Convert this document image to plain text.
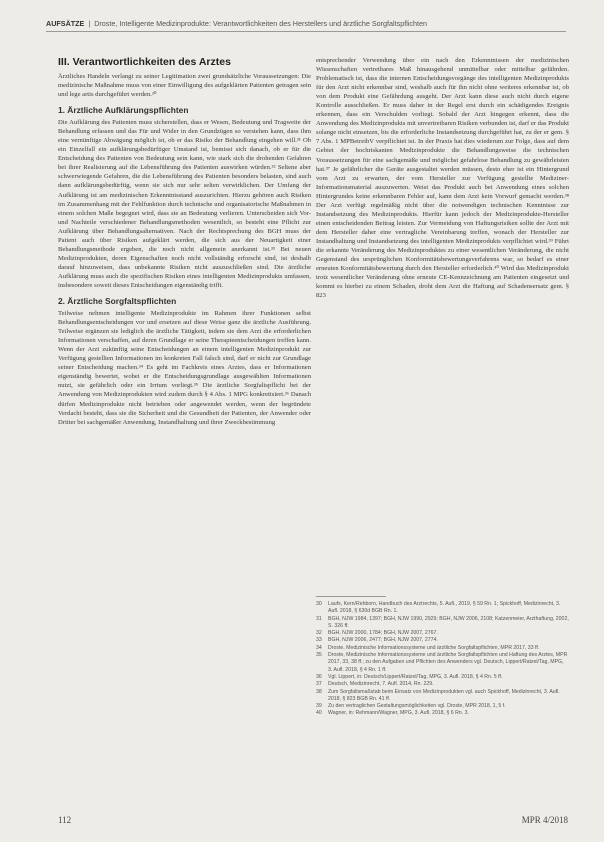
AUFSÄTZE | Droste, Intelligente Medizinprodukte: Verantwortlichkeiten des Herstellers und ärztliche Sorgfaltspflichten
III. Verantwortlichkeiten des Arztes

Ärztliches Handeln verlangt zu seiner Legitimation zwei grundsätzliche Voraussetzungen: Die medizinische Maßnahme muss von einer Einwilligung des aufgeklärten Patienten getragen sein und lege artis durchgeführt werden.³⁰

1. Ärztliche Aufklärungspflichten

Die Aufklärung des Patienten muss sicherstellen, dass er Wesen, Bedeutung und Tragweite der Behandlung erfassen und das Für und Wider in den Grundzügen so verstehen kann, dass ihm eine vernünftige Abwägung möglich ist, ob er das Risiko der Behandlung eingehen will.³¹ Ob ein Einzelfall ein aufklärungsbedürftiger Umstand ist, bemisst sich danach, ob er für die Entscheidung des Patienten von Bedeutung sein kann, wie stark sich die drohenden Gefahren bei ihrer Realisierung auf die Lebensführung des Patienten auswirken würden.³² Seltene aber schwerwiegende Gefahren, die die Lebensführung des Patienten besonders belasten, sind auch dann aufklärungsbedürftig, wenn sie sich nur sehr selten verwirklichen. Der Umfang der Aufklärung ist am medizinischen Erkenntnisstand auszurichten. Hierzu gehören auch Risiken im Zusammenhang mit der Fehlfunktion durch technische und organisatorische Maßnahmen in einem solchen Maße begegnet wird, dass sie an Bedeutung verlieren. Unterscheiden sich Vor- und Nachteile verschiedener Behandlungsmethoden wesentlich, so besteht eine Pflicht zur Aufklärung über Behandlungsalternativen. Nach der Rechtsprechung des BGH muss der Patient auch über Risiken aufgeklärt werden, die sich aus der Neuartigkeit einer Behandlungsmethode ergeben, die noch nicht allgemein anerkannt ist.³³ Bei neuen Medizinprodukten, deren Eigenschaften noch nicht vollständig erforscht sind, ist deshalb darauf hinzuweisen, dass unbekannte Risiken nicht auszuschließen sind. Die ärztliche Aufklärung muss auch die spezifischen Risiken eines intelligenten Medizinprodukts umfassen, insbesondere soweit dieses Entscheidungen eigenständig trifft.

2. Ärztliche Sorgfaltspflichten

Teilweise nehmen intelligente Medizinprodukte im Rahmen ihrer Funktionen selbst Behandlungsentscheidungen vor und ersetzen auf diese Weise ganz die ärztliche Ausführung. Teilweise ergänzen sie lediglich die ärztliche Tätigkeit, indem sie dem Arzt die erforderlichen Informationen verschaffen, auf deren Grundlage er seine Therapieentscheidungen treffen kann. Wenn der Arzt zukünftig seine Entscheidungen an einem intelligenten Medizinprodukt zur Verfügung gestellten Informationen im konkreten Fall falsch sind, darf er nicht zur Grundlage seiner Entscheidung machen.³⁴ Es geht im Fachkreis eines Arztes, dass er Informationen eigenständig bewertet, wobei er die Entscheidungsgrundlage ausgewählten Informationen nutzt, sie gefährlich oder ein Irrtum vorliegt.³⁵ Die ärztliche Sorgfaltspflicht bei der Anwendung von Medizinprodukten wird zudem durch § 4 Abs. 1 MPG konkretisiert.³⁶ Danach dürfen Medizinprodukte nicht betrieben oder angewendet werden, wenn der begründete Verdacht besteht, dass sie die Sicherheit und die Gesundheit der Patienten, der Anwender oder Dritter bei sachgemäßer Anwendung, Instandhaltung und ihrer Zweckbestimmung

entsprechender Verwendung über ein nach den Erkenntnissen der medizinischen Wissenschaften vertretbares Maß hinausgehend unmittelbar oder mittelbar gefährden. Problematisch ist, dass die internen Entscheidungsvorgänge des intelligenten Medizinprodukts für den Arzt nicht erkennbar sind, weshalb auch für ihn nicht ohne weiteres erkennbar ist, ob von dem Produkt eine Gefährdung ausgeht. Der Arzt kann diese auch nicht durch eigene Kontrolle ausschließen. Er muss daher in der Regel erst durch ein schädigendes Ereignis erkennen, dass ein Verschulden vorliegt. Sobald der Arzt hingegen erkennt, dass die Anwendung des Medizinprodukts mit unvertretbaren Risiken verbunden ist, darf er das Produkt solange nicht einsetzen, bis die erforderliche Instandsetzung durchgeführt hat, zu der er gem. § 7 Abs. 1 MPBetreibV verpflichtet ist. In der Praxis hat dies wiederum zur Folge, dass auf dem Gebiet der hochriskanten Medizinprodukte die Behandlungsweise die technischen Voraussetzungen für eine sachgemäße und möglichst gefahrlose Behandlung zu gewährleisten hat.³⁷ Je gefährlicher die Geräte ausgestaltet werden müssen, desto eher ist ein Hintergrund vom Arzt zu erwarten, der vom Hersteller zur Verfügung gestellte Mediziner-Informationsmaterial auszuwerten. Weist das Produkt auch bei Anwendung eines solchen Hintergrundes keine erkennbaren Fehler auf, kann dem Arzt kein Vorwurf gemacht werden.³⁸ Der Arzt verfügt regelmäßig nicht über die notwendigen technischen Kenntnisse zur Instandsetzung des Medizinprodukts. Hierfür kann jedoch der Medizinprodukte-Hersteller einen entscheidenden Beitrag leisten. Zur Vermeidung von Haftungsrisiken sollte der Arzt mit dem Hersteller daher eine vertragliche Vereinbarung treffen, wonach der Hersteller zur Instandhaltung und Instandsetzung des intelligenten Medizinprodukts verpflichtet wird.³⁹ Führt die erkannte Veränderung des Medizinproduktes zu einer wesentlichen Veränderung, die nicht Gegenstand des ursprünglichen Konformitätsbewertungsverfahrens war, so bedarf es einer erneuten Konformitätsbewertung durch den Hersteller erforderlich.⁴⁰ Wird das Medizinprodukt trotz wesentlicher Veränderung ohne erneute CE-Kennzeichnung am Patienten eingesetzt und kommt es hierbei zu einem Schaden, droht dem Arzt die Haftung auf Schadensersatz gem. § 823

30	Laufs, Kern/Rehborn, Handbuch des Arztrechts, 5. Aufl., 2019, § 59 Rn. 1; Spickhoff, Medizinrecht, 3. Aufl. 2018, § 630d BGB Rn. 1.
31	BGH, NJW 1984, 1397; BGH, NJW 1990, 2929; BGH, NJW 2006, 2108; Katzenmeier, Arzthaftung, 2002, S. 326 ff.
32	BGH, NJW 2000, 1784; BGH, NJW 2007, 2767.
33	BGH, NJW 2006, 2477; BGH, NJW 2007, 2774.
34	Droste, Medizinische Informationssysteme und ärztliche Sorgfaltspflichten, MPR 2017, 33 ff.
35	Droste, Medizinische Informationssysteme und ärztliche Sorgfaltspflichten und Haftung des Arztes, MPR 2017, 33, 38 ff.; zu den Aufgaben und Pflichten des Anwenders vgl. Deutsch, Lippert/Ratzel/Tag, MPG, 3. Aufl. 2018, § 4 Rn. 1 ff.
36	Vgl. Lippert, in: Deutsch/Lippert/Ratzel/Tag, MPG, 3. Aufl. 2018, § 4 Rn. 5 ff.
37	Deutsch, Medizinrecht, 7. Aufl. 2014, Rn. 229.
38	Zum Sorgfaltsmaßstab beim Einsatz von Medizinprodukten vgl. auch Spickhoff, Medizinrecht, 3. Aufl. 2018, § 823 BGB Rn. 41 ff.
39	Zu den vertraglichen Gestaltungsmöglichkeiten vgl. Droste, MPR 2018, 1, 5 f.
40	Wagner, in: Rehmann/Wagner, MPG, 3. Aufl. 2018, § 6 Rn. 3.
112	MPR 4/2018
